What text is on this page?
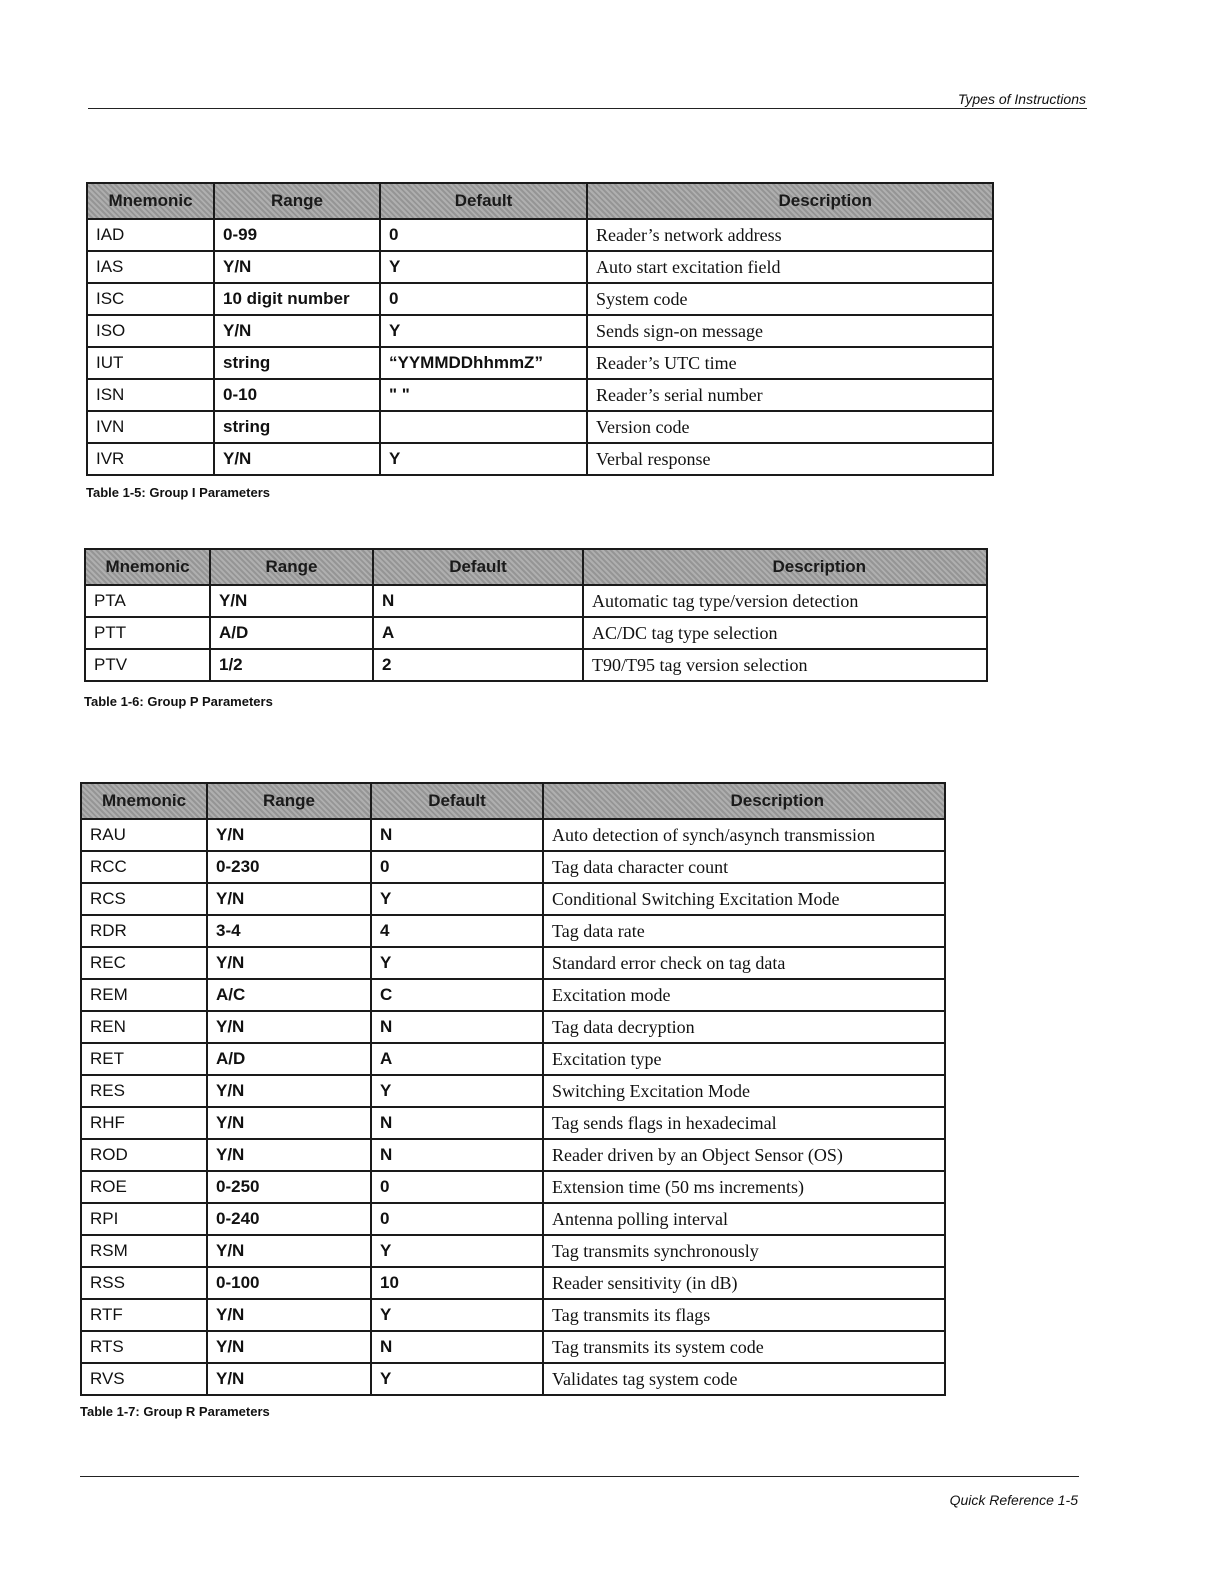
Types of Instructions
Mnemonic	Range	Default	Description
IAD	0-99	0	Reader’s network address
IAS	Y/N	Y	Auto start excitation field
ISC	10 digit number	0	System code
ISO	Y/N	Y	Sends sign-on message
IUT	string	“YYMMDDhhmmZ”	Reader’s UTC time
ISN	0-10	" "	Reader’s serial number
IVN	string		Version code
IVR	Y/N	Y	Verbal response
Table 1-5: Group I Parameters
Mnemonic	Range	Default	Description
PTA	Y/N	N	Automatic tag type/version detection
PTT	A/D	A	AC/DC tag type selection
PTV	1/2	2	T90/T95 tag version selection
Table 1-6: Group P Parameters
Mnemonic	Range	Default	Description
RAU	Y/N	N	Auto detection of synch/asynch transmission
RCC	0-230	0	Tag data character count
RCS	Y/N	Y	Conditional Switching Excitation Mode
RDR	3-4	4	Tag data rate
REC	Y/N	Y	Standard error check on tag data
REM	A/C	C	Excitation mode
REN	Y/N	N	Tag data decryption
RET	A/D	A	Excitation type
RES	Y/N	Y	Switching Excitation Mode
RHF	Y/N	N	Tag sends flags in hexadecimal
ROD	Y/N	N	Reader driven by an Object Sensor (OS)
ROE	0-250	0	Extension time (50 ms increments)
RPI	0-240	0	Antenna polling interval
RSM	Y/N	Y	Tag transmits synchronously
RSS	0-100	10	Reader sensitivity (in dB)
RTF	Y/N	Y	Tag transmits its flags
RTS	Y/N	N	Tag transmits its system code
RVS	Y/N	Y	Validates tag system code
Table 1-7: Group R Parameters
Quick Reference 1-5
